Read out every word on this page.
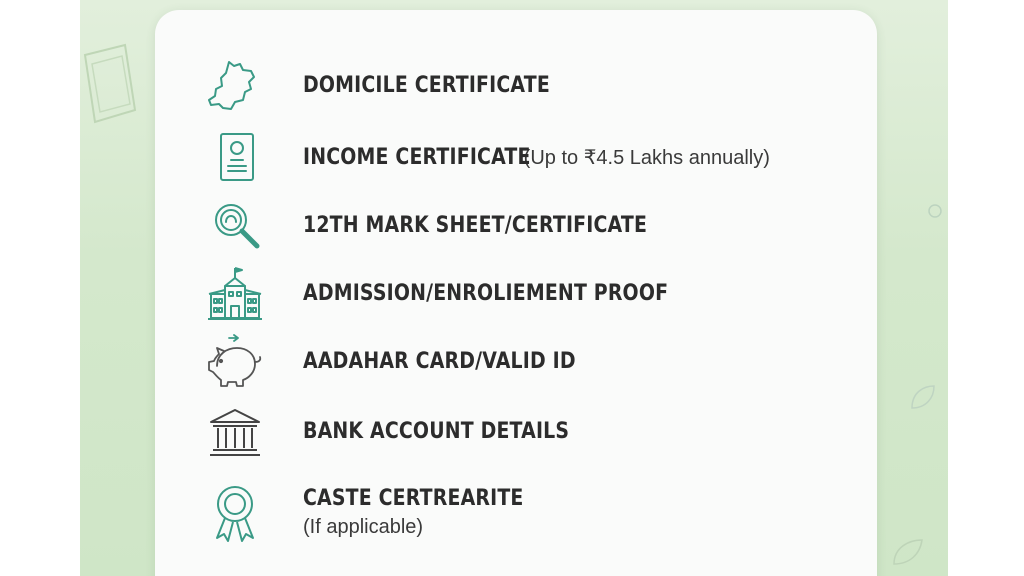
DOMICILE CERTIFICATE
INCOME CERTIFICATE(Up to ₹4.5 Lakhs annually)
12TH MARK SHEET/CERTIFICATE
ADMISSION/ENROLIEMENT PROOF
AADAHAR CARD/VALID ID
BANK ACCOUNT DETAILS
CASTE CERTREARITE
(If applicable)
